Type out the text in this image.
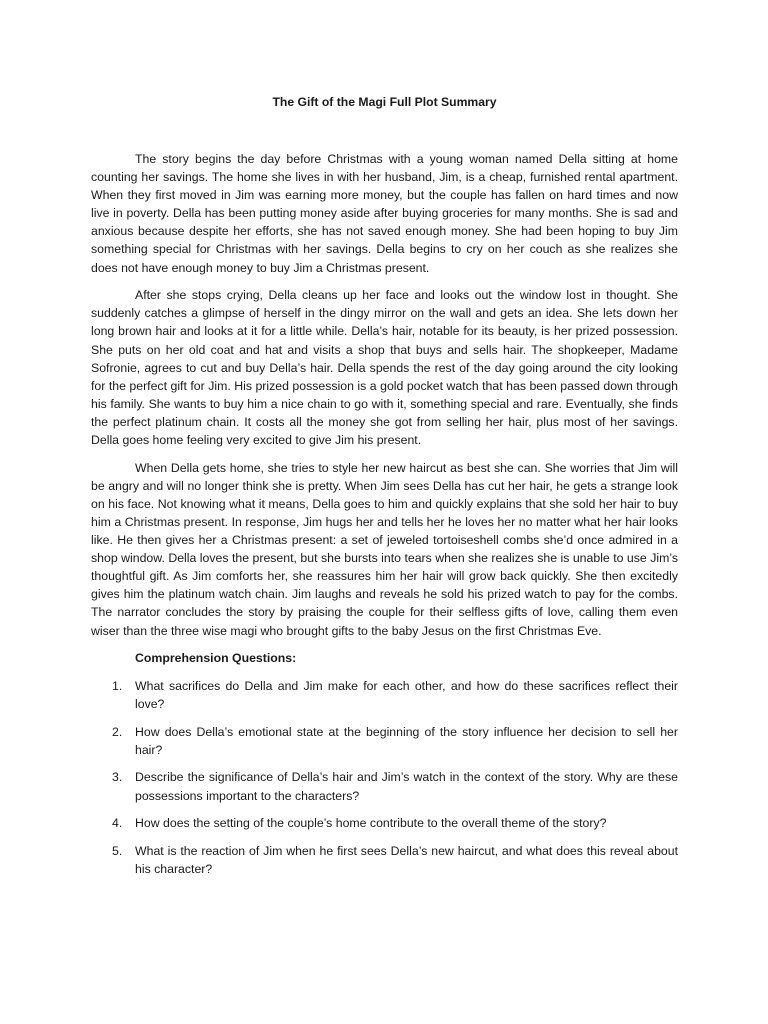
The Gift of the Magi Full Plot Summary

The story begins the day before Christmas with a young woman named Della sitting at home counting her savings. The home she lives in with her husband, Jim, is a cheap, furnished rental apartment. When they first moved in Jim was earning more money, but the couple has fallen on hard times and now live in poverty. Della has been putting money aside after buying groceries for many months. She is sad and anxious because despite her efforts, she has not saved enough money. She had been hoping to buy Jim something special for Christmas with her savings. Della begins to cry on her couch as she realizes she does not have enough money to buy Jim a Christmas present.

After she stops crying, Della cleans up her face and looks out the window lost in thought. She suddenly catches a glimpse of herself in the dingy mirror on the wall and gets an idea. She lets down her long brown hair and looks at it for a little while. Della’s hair, notable for its beauty, is her prized possession. She puts on her old coat and hat and visits a shop that buys and sells hair. The shopkeeper, Madame Sofronie, agrees to cut and buy Della’s hair. Della spends the rest of the day going around the city looking for the perfect gift for Jim. His prized possession is a gold pocket watch that has been passed down through his family. She wants to buy him a nice chain to go with it, something special and rare. Eventually, she finds the perfect platinum chain. It costs all the money she got from selling her hair, plus most of her savings. Della goes home feeling very excited to give Jim his present.

When Della gets home, she tries to style her new haircut as best she can. She worries that Jim will be angry and will no longer think she is pretty. When Jim sees Della has cut her hair, he gets a strange look on his face. Not knowing what it means, Della goes to him and quickly explains that she sold her hair to buy him a Christmas present. In response, Jim hugs her and tells her he loves her no matter what her hair looks like. He then gives her a Christmas present: a set of jeweled tortoiseshell combs she’d once admired in a shop window. Della loves the present, but she bursts into tears when she realizes she is unable to use Jim’s thoughtful gift. As Jim comforts her, she reassures him her hair will grow back quickly. She then excitedly gives him the platinum watch chain. Jim laughs and reveals he sold his prized watch to pay for the combs. The narrator concludes the story by praising the couple for their selfless gifts of love, calling them even wiser than the three wise magi who brought gifts to the baby Jesus on the first Christmas Eve.

Comprehension Questions:
1. What sacrifices do Della and Jim make for each other, and how do these sacrifices reflect their love?
2. How does Della’s emotional state at the beginning of the story influence her decision to sell her hair?
3. Describe the significance of Della’s hair and Jim’s watch in the context of the story. Why are these possessions important to the characters?
4. How does the setting of the couple’s home contribute to the overall theme of the story?
5. What is the reaction of Jim when he first sees Della’s new haircut, and what does this reveal about his character?
